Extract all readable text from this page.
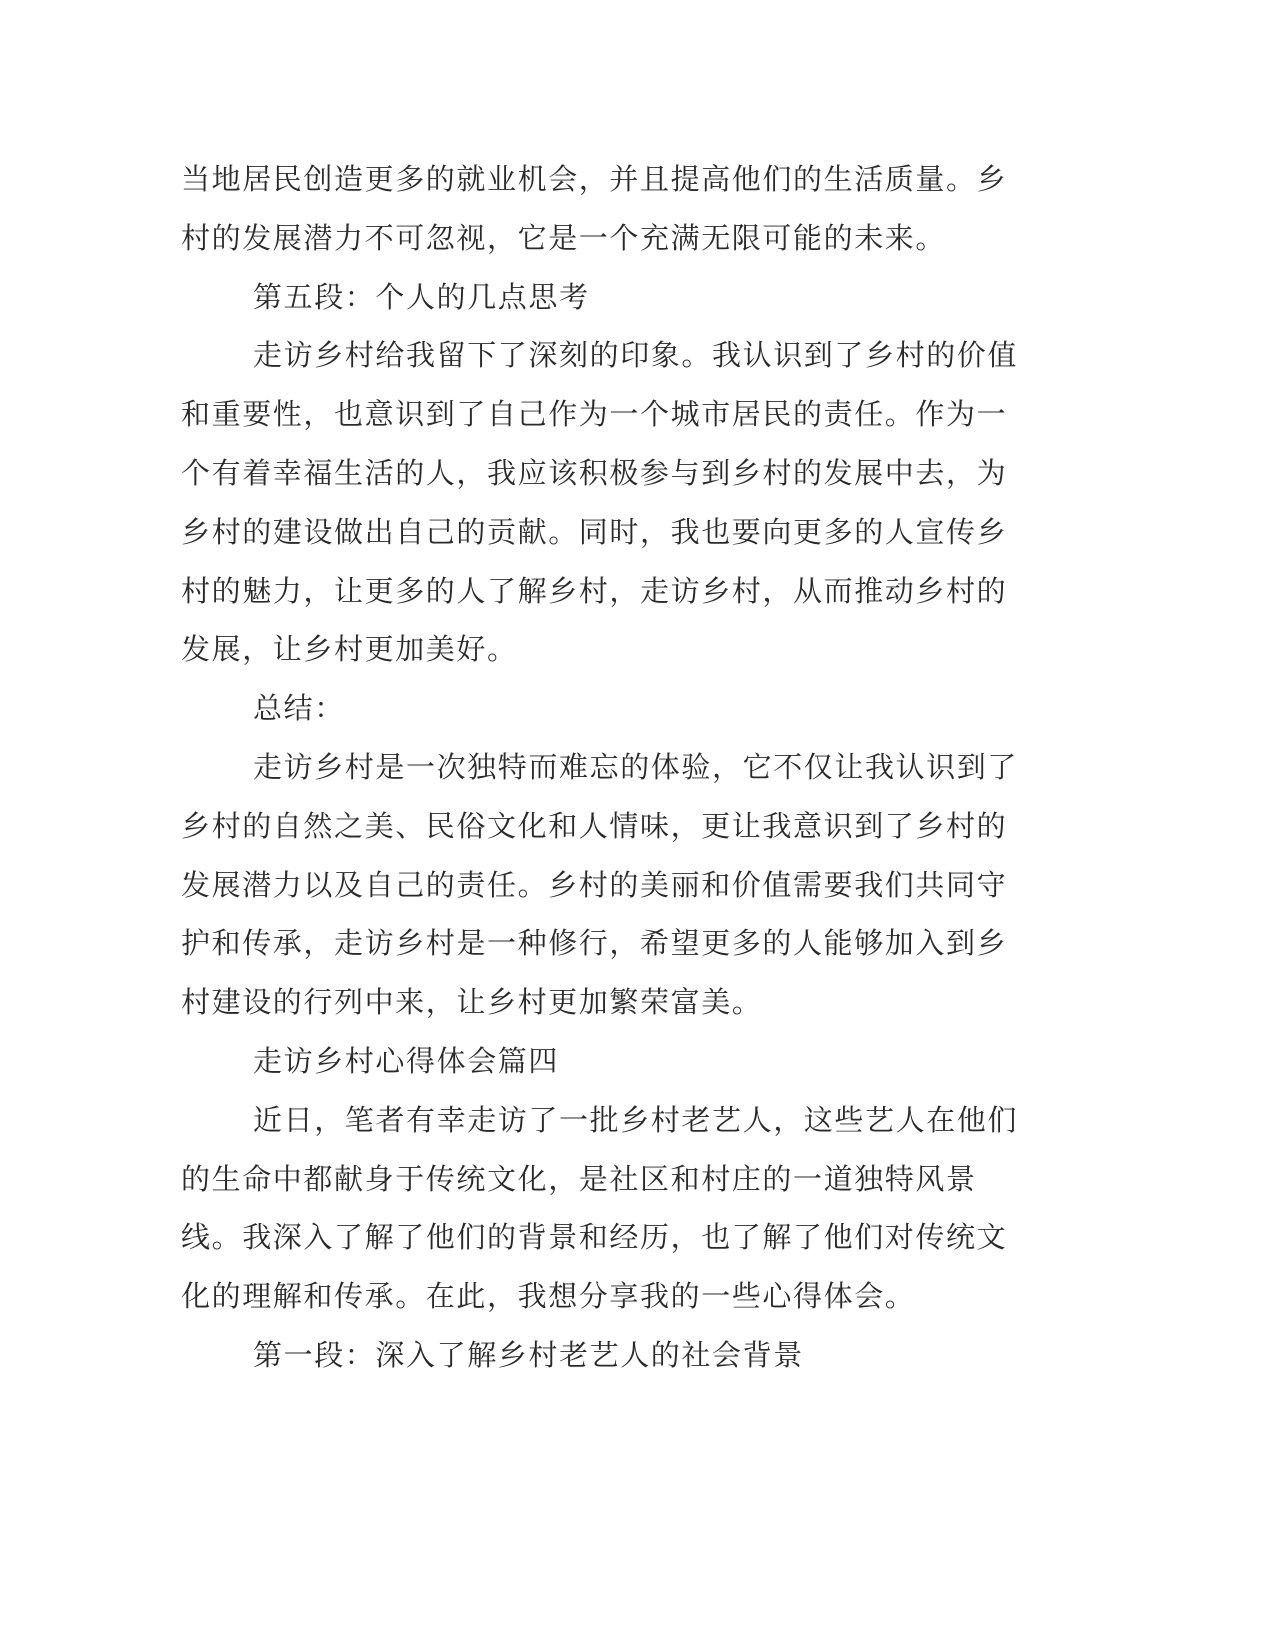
当地居民创造更多的就业机会，并且提高他们的生活质量。乡村的发展潜力不可忽视，它是一个充满无限可能的未来。

第五段：个人的几点思考

走访乡村给我留下了深刻的印象。我认识到了乡村的价值和重要性，也意识到了自己作为一个城市居民的责任。作为一个有着幸福生活的人，我应该积极参与到乡村的发展中去，为乡村的建设做出自己的贡献。同时，我也要向更多的人宣传乡村的魅力，让更多的人了解乡村，走访乡村，从而推动乡村的发展，让乡村更加美好。

总结：

走访乡村是一次独特而难忘的体验，它不仅让我认识到了乡村的自然之美、民俗文化和人情味，更让我意识到了乡村的发展潜力以及自己的责任。乡村的美丽和价值需要我们共同守护和传承，走访乡村是一种修行，希望更多的人能够加入到乡村建设的行列中来，让乡村更加繁荣富美。

走访乡村心得体会篇四

近日，笔者有幸走访了一批乡村老艺人，这些艺人在他们的生命中都献身于传统文化，是社区和村庄的一道独特风景线。我深入了解了他们的背景和经历，也了解了他们对传统文化的理解和传承。在此，我想分享我的一些心得体会。

第一段：深入了解乡村老艺人的社会背景
